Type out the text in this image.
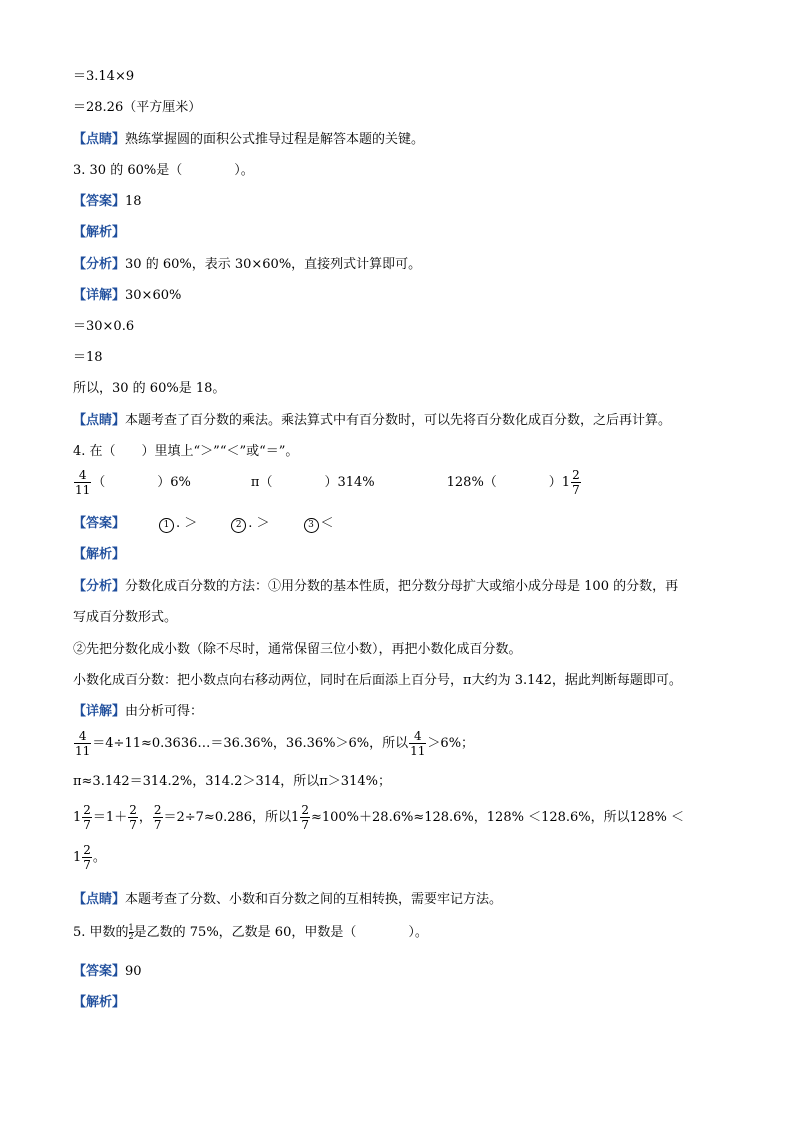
＝3.14×9
＝28.26（平方厘米）
【点睛】熟练掌握圆的面积公式推导过程是解答本题的关键。
3. 30 的 60%是（　　　　）。
【答案】18
【解析】
【分析】30 的 60%，表示 30×60%，直接列式计算即可。
【详解】30×60%
＝30×0.6
＝18
所以，30 的 60%是 18。
【点睛】本题考查了百分数的乘法。乘法算式中有百分数时，可以先将百分数化成百分数，之后再计算。
4. 在（　　）里填上“＞”“＜”或“＝”。
$\frac{4}{11}$ （　　　　）6%	π（　　　　）314%	128%（　　　　）$1 \frac{2}{7}$
【答案】	1 . ＞	2 . ＞	3 ＜
【解析】
【分析】分数化成百分数的方法：①用分数的基本性质，把分数分母扩大或缩小成分母是 100 的分数，再
写成百分数形式。
②先把分数化成小数（除不尽时，通常保留三位小数），再把小数化成百分数。
小数化成百分数：把小数点向右移动两位，同时在后面添上百分号，π大约为 3.142，据此判断每题即可。
【详解】由分析可得：
$\frac{4}{11}$ ＝4÷11≈0.3636…＝36.36%，36.36%＞6%，所以 $\frac{4}{11} >6\%$；
π≈3.142＝314.2%，314.2＞314，所以π＞314%；
$1 \frac{2}{7} =1+ \frac{2}{7}$ ， $\frac{2}{7} =2\div 7\approx 0.286$，所以$1 \frac{2}{7} \approx 100\%+28.6\%\approx 128.6\%$，128% ＜128.6%，所以128% ＜
$1 \frac{2}{7}$ 。
【点睛】本题考查了分数、小数和百分数之间的互相转换，需要牢记方法。
5. 甲数的 $\frac{1}{2}$ 是乙数的 75%，乙数是 60，甲数是（　　　　）。
【答案】90
【解析】
